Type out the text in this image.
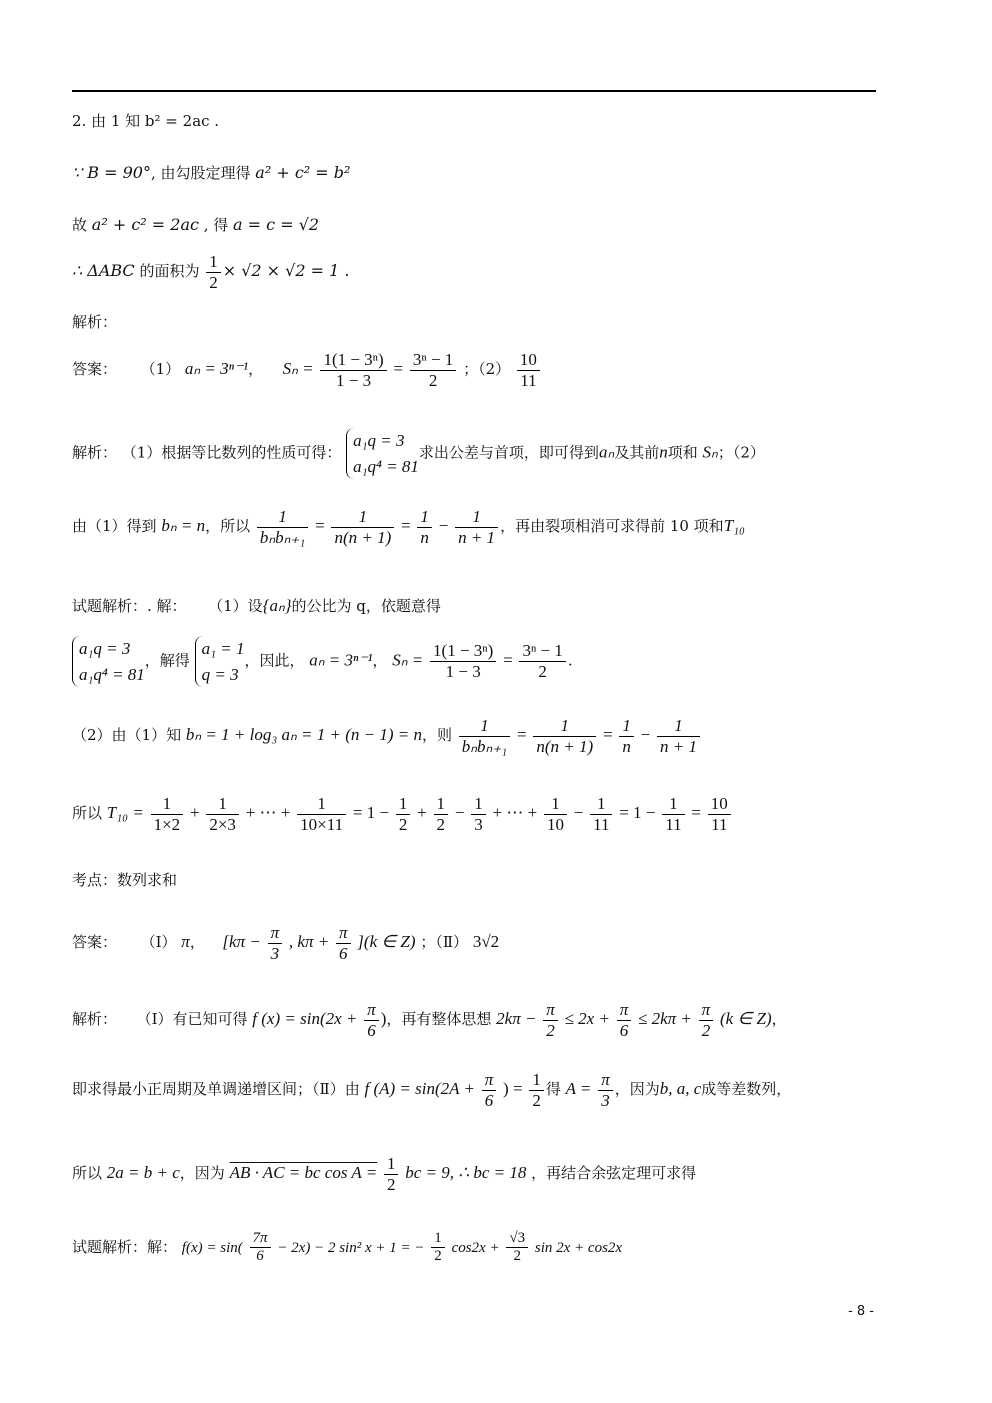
2. 由 1 知 b² = 2ac .
∵ B = 90°, 由勾股定理得 a² + c² = b²
故 a² + c² = 2ac , 得 a = c = √2
∴ ΔABC 的面积为 $\frac{1}{2} \times √2 \times √2 = 1$ .
解析：
答案： （1） aₙ = 3ⁿ⁻¹， $S_n = \frac{\text{1(1 − 3ⁿ)}}{1 - 3} = \frac{\text{3ⁿ − 1}}{2}$ ；$(2) \frac{10}{11}$
解析： （1）根据等比数列的性质可得：
a₁q = 3
a₁q⁴ = 81
求出公差与首项，即可得到aₙ及其前n项和 Sₙ；（2）
由（1）得到 bₙ = n，所以 $\frac{1}{\text{bₙbₙ₊₁}} = \frac{1}{n(n + 1)} = \frac{1}{n} - \frac{1}{n + 1}$ ，再由裂项相消可求得前 10 项和T₁₀
试题解析：. 解： （1）设{aₙ}的公比为 q，依题意得
a₁q = 3
a₁q⁴ = 81
，解得
a₁ = 1
q = 3
，因此， aₙ = 3ⁿ⁻¹， $S_n = \frac{\text{1(1 − 3ⁿ)}}{1 - 3} = \frac{\text{3ⁿ − 1}}{2}$ .
（2）由（1）知 bₙ = 1 + log₃ aₙ = 1 + (n − 1) = n，则 $\frac{1}{\text{bₙbₙ₊₁}} = \frac{1}{n(n + 1)} = \frac{1}{n} - \frac{1}{n + 1}$
所以 $T_{10} = \frac{1}{1\times 2} + \frac{1}{2\times 3}$ + ⋯ + $\frac{1}{10\times 11} = 1 - \frac{1}{2} + \frac{1}{2} - \frac{1}{3}$ + ⋯ + $\frac{1}{10} - \frac{1}{11} = 1 - \frac{1}{11} = \frac{10}{11}$
考点：数列求和
答案： （Ⅰ） π， [$k\pi - \frac{\pi}{3}$ , $k\pi + \frac{\pi}{6} ](k$ ∈ Z) ；（Ⅱ） 3√2
解析： （Ⅰ）有已知可得 f $(x) = \sin(2x + \frac{\pi}{6}$ )，再有整体思想 $2k\pi - \frac{\pi}{2} \le 2x + \frac{\pi}{6} \le 2k\pi + \frac{\pi}{2} (k$ ∈ Z)，
即求得最小正周期及单调递增区间；（Ⅱ）由 f $(A) = \sin(2A + \frac{\pi}{6}$ ) = $\frac{1}{2}$ 得 $A = \frac{\pi}{3}$ ，因为b, a, c成等差数列，
所以 2a = b + c，因为 AB · AC = bc $\cos A = \frac{1}{2}$ bc = 9, ∴ bc = 18 ，再结合余弦定理可求得
试题解析：解： $f(x) = \sin( \frac{7\pi}{6} - 2x) - 2$ sin² x + 1 = − $\frac{1}{2} \cos 2x + \frac{√3}{2}$ sin 2x + cos2x
- 8 -
